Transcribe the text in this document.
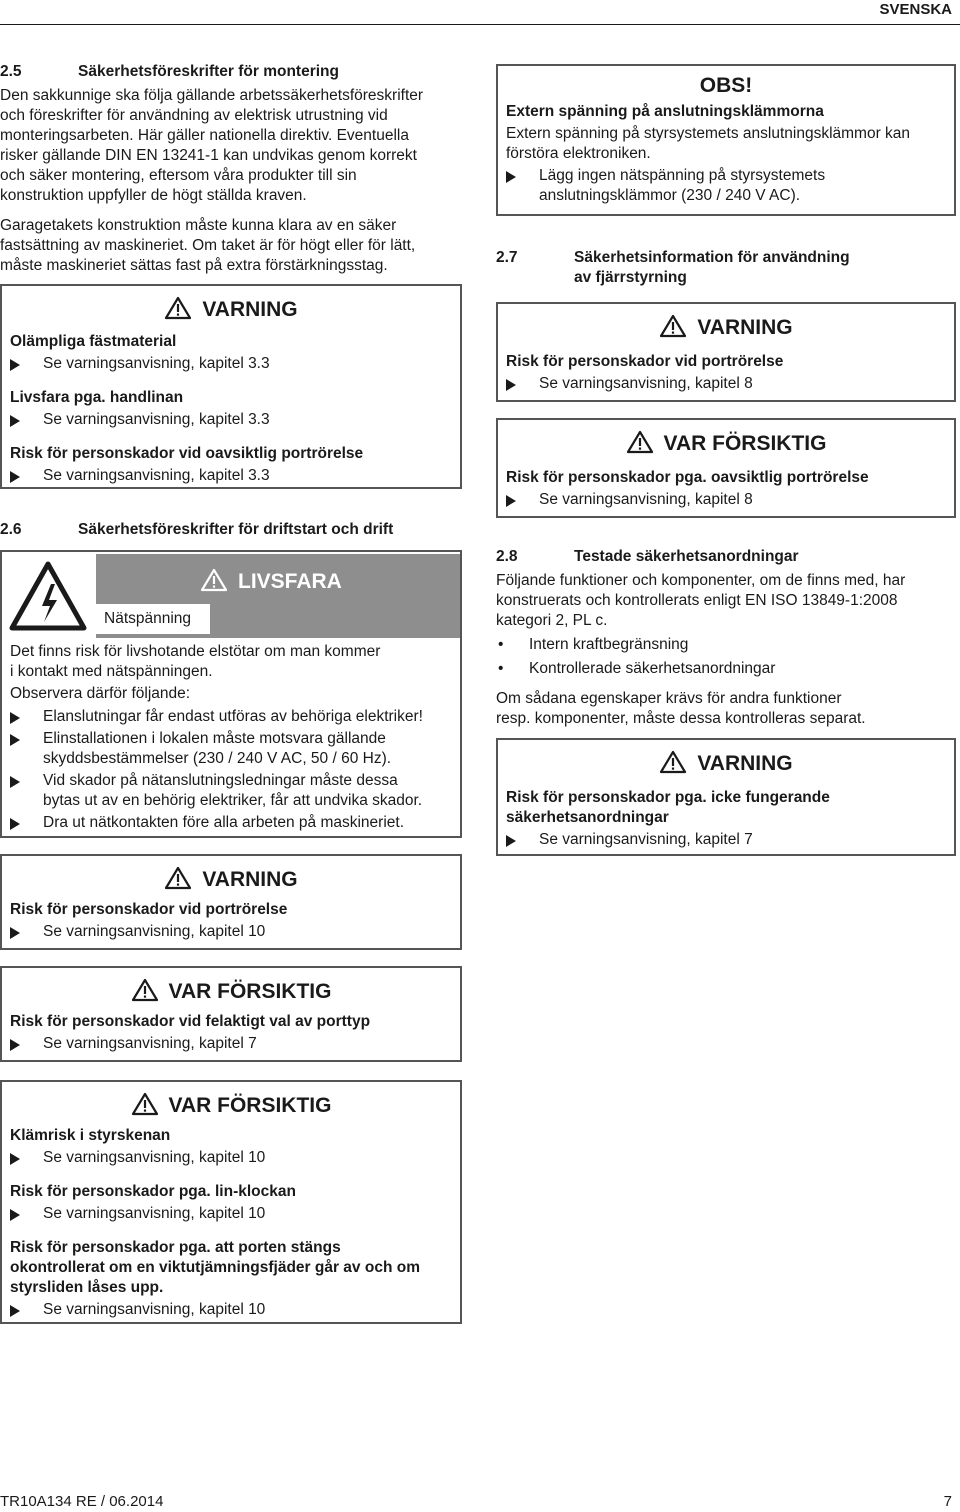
SVENSKA
2.5	Säkerhetsföreskrifter för montering

Den sakkunnige ska följa gällande arbetssäkerhetsföreskrifter

och föreskrifter för användning av elektrisk utrustning vid

monteringsarbeten. Här gäller nationella direktiv. Eventuella

risker gällande DIN EN 13241-1 kan undvikas genom korrekt

och säker montering, eftersom våra produkter till sin

konstruktion uppfyller de högt ställda kraven.

Garagetakets konstruktion måste kunna klara av en säker

fastsättning av maskineriet. Om taket är för högt eller för lätt,

måste maskineriet sättas fast på extra förstärkningsstag.

VARNING
Olämpliga fästmaterial
Se varningsanvisning, kapitel 3.3
Livsfara pga. handlinan
Se varningsanvisning, kapitel 3.3
Risk för personskador vid oavsiktlig portrörelse
Se varningsanvisning, kapitel 3.3
2.6	Säkerhetsföreskrifter för driftstart och drift
LIVSFARA
Nätspänning

Det finns risk för livshotande elstötar om man kommer

i kontakt med nätspänningen.

Observera därför följande:

Elanslutningar får endast utföras av behöriga elektriker!

Elinstallationen i lokalen måste motsvara gällande

skyddsbestämmelser (230 / 240 V AC, 50 / 60 Hz).

Vid skador på nätanslutningsledningar måste dessa

bytas ut av en behörig elektriker, får att undvika skador.

Dra ut nätkontakten före alla arbeten på maskineriet.

VARNING
Risk för personskador vid portrörelse
Se varningsanvisning, kapitel 10
VAR FÖRSIKTIG
Risk för personskador vid felaktigt val av porttyp
Se varningsanvisning, kapitel 7
VAR FÖRSIKTIG
Klämrisk i styrskenan
Se varningsanvisning, kapitel 10
Risk för personskador pga. lin-klockan
Se varningsanvisning, kapitel 10
Risk för personskador pga. att porten stängs
okontrollerat om en viktutjämningsfjäder går av och om
styrsliden låses upp.
Se varningsanvisning, kapitel 10
OBS!
Extern spänning på anslutningsklämmorna

Extern spänning på styrsystemets anslutningsklämmor kan

förstöra elektroniken.

Lägg ingen nätspänning på styrsystemets

anslutningsklämmor (230 / 240 V AC).

2.7	Säkerhetsinformation för användning
av fjärrstyrning
VARNING
Risk för personskador vid portrörelse
Se varningsanvisning, kapitel 8
VAR FÖRSIKTIG
Risk för personskador pga. oavsiktlig portrörelse
Se varningsanvisning, kapitel 8
2.8	Testade säkerhetsanordningar

Följande funktioner och komponenter, om de finns med, har

konstruerats och kontrollerats enligt EN ISO 13849-1:2008

kategori 2, PL c.

• Intern kraftbegränsning
• Kontrollerade säkerhetsanordningar

Om sådana egenskaper krävs för andra funktioner

resp. komponenter, måste dessa kontrolleras separat.

VARNING
Risk för personskador pga. icke fungerande
säkerhetsanordningar
Se varningsanvisning, kapitel 7
TR10A134 RE / 06.2014	7
